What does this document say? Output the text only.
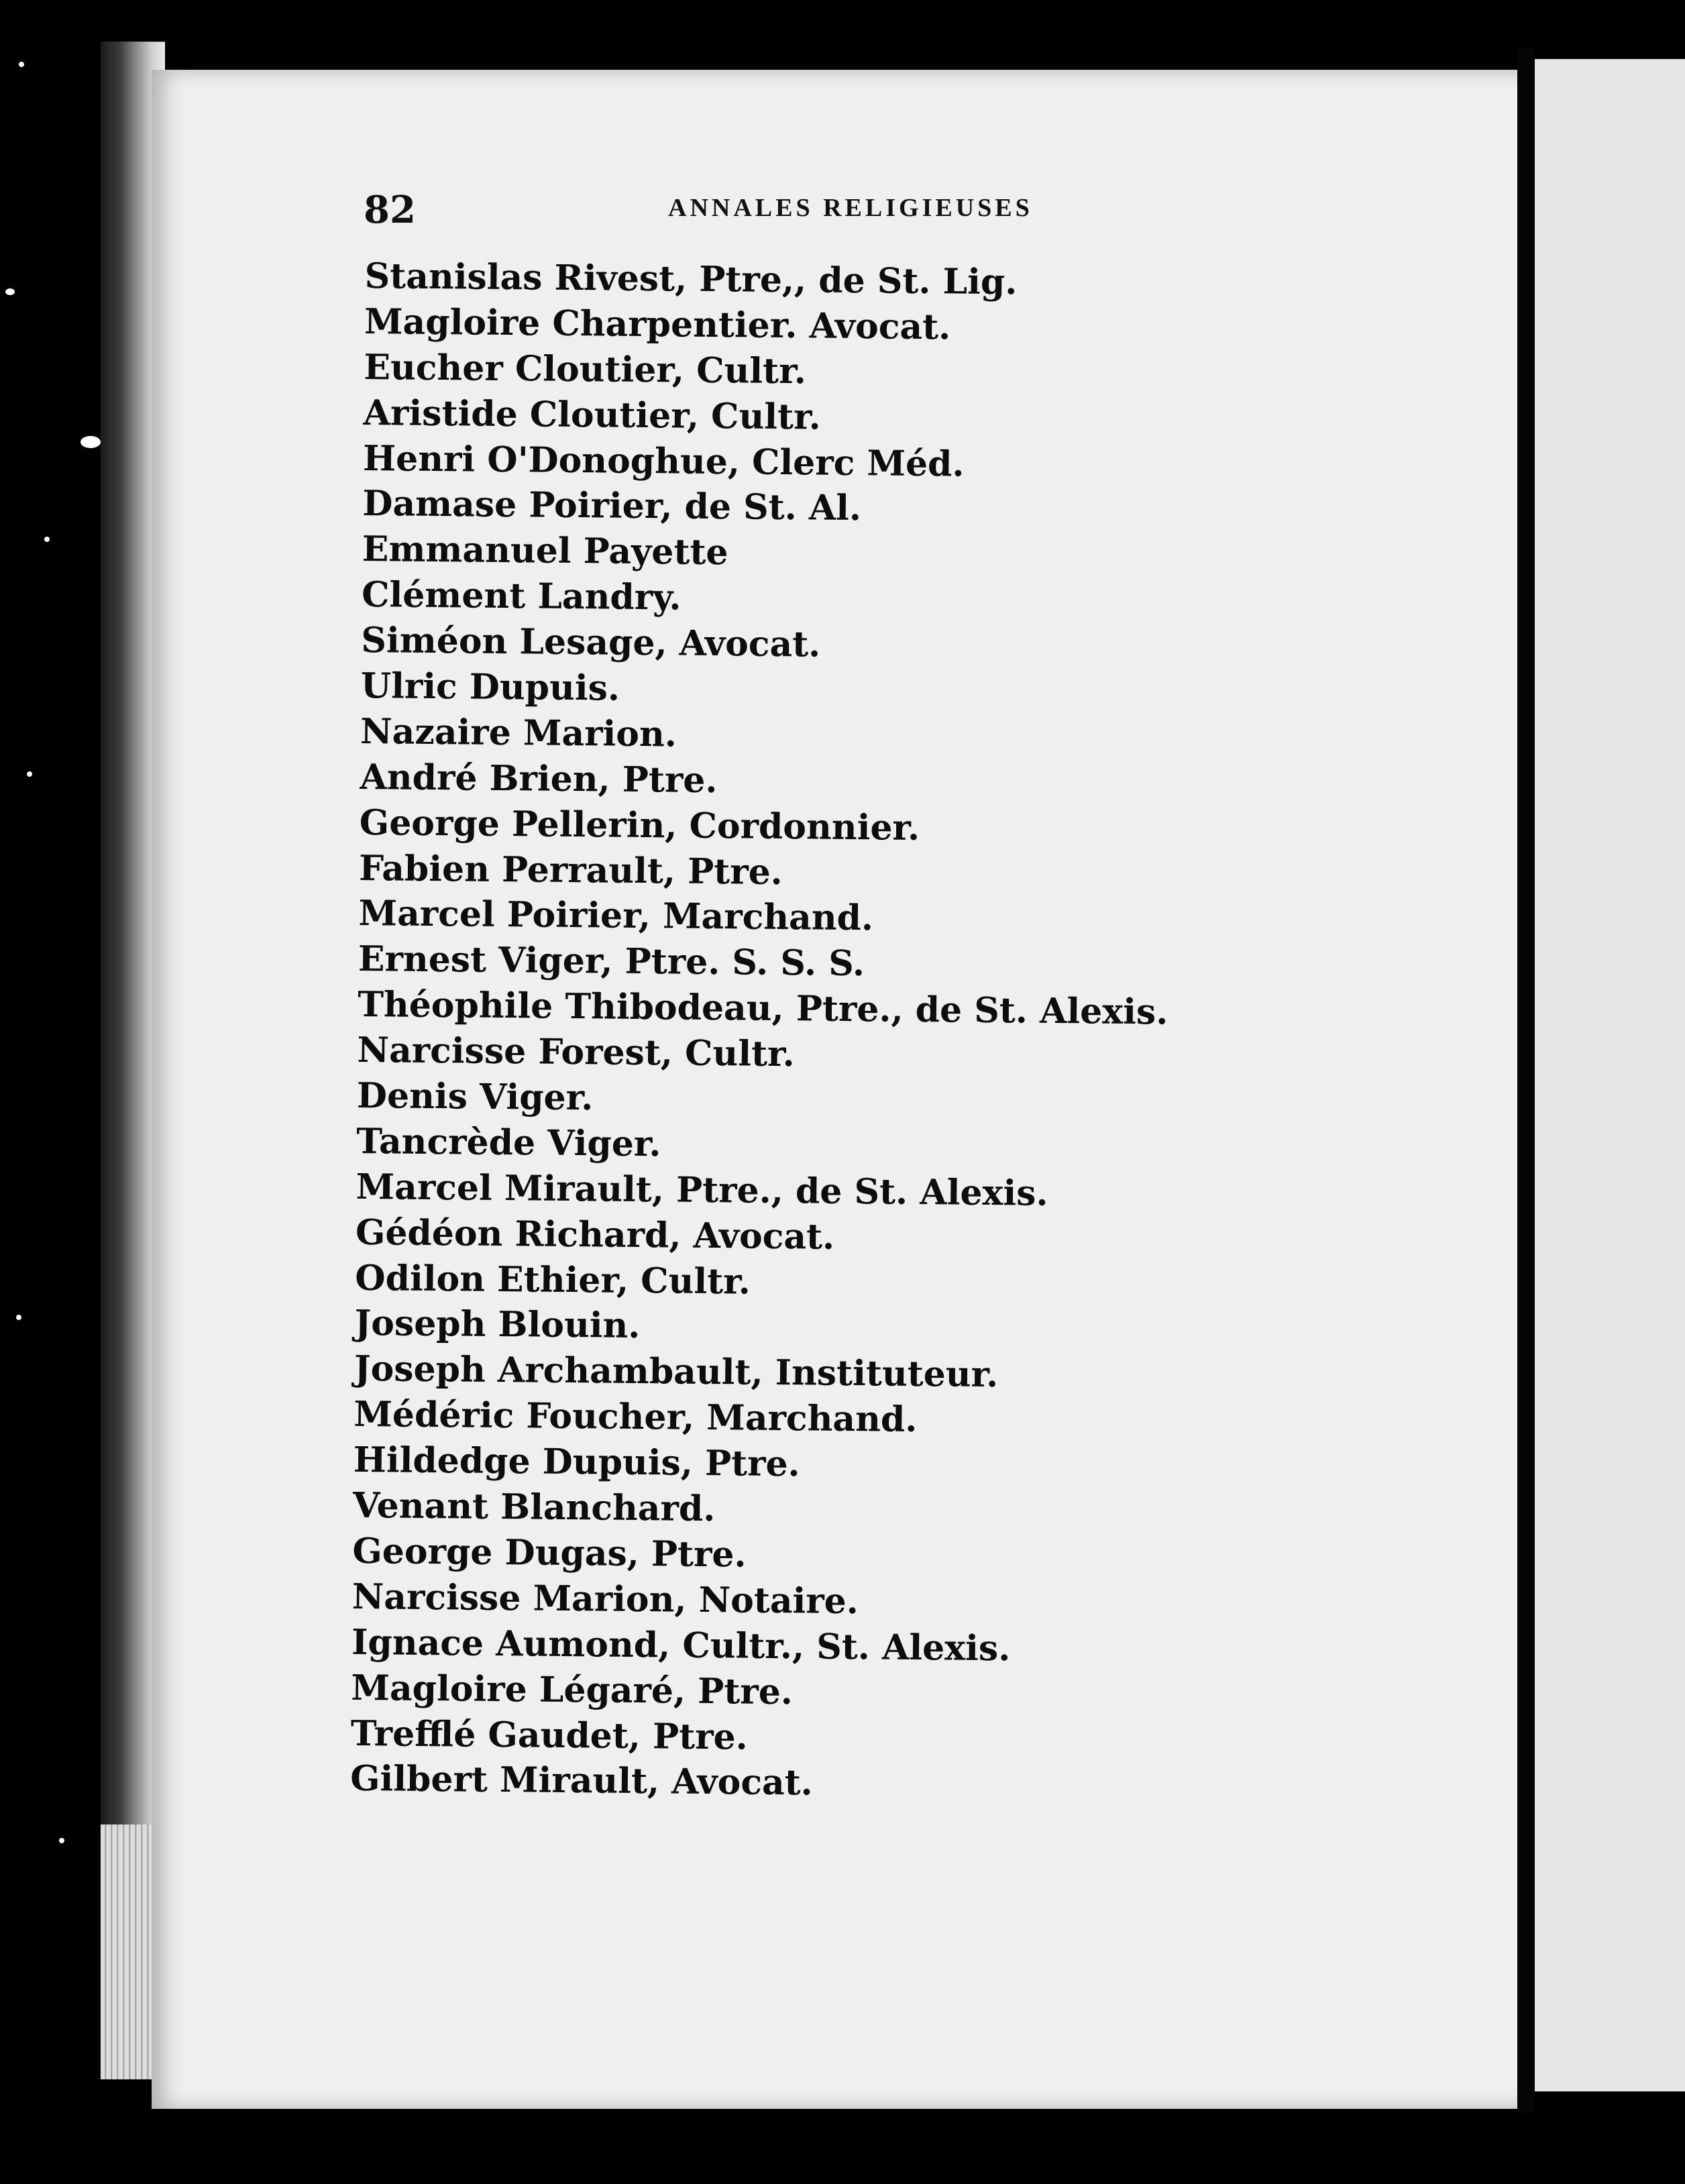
82	ANNALES RELIGIEUSES
Stanislas Rivest, Ptre,, de St. Lig.
Magloire Charpentier. Avocat.
Eucher Cloutier, Cultr.
Aristide Cloutier, Cultr.
Henri O'Donoghue, Clerc Méd.
Damase Poirier, de St. Al.
Emmanuel Payette
Clément Landry.
Siméon Lesage, Avocat.
Ulric Dupuis.
Nazaire Marion.
André Brien, Ptre.
George Pellerin, Cordonnier.
Fabien Perrault, Ptre.
Marcel Poirier, Marchand.
Ernest Viger, Ptre. S. S. S.
Théophile Thibodeau, Ptre., de St. Alexis.
Narcisse Forest, Cultr.
Denis Viger.
Tancrède Viger.
Marcel Mirault, Ptre., de St. Alexis.
Gédéon Richard, Avocat.
Odilon Ethier, Cultr.
Joseph Blouin.
Joseph Archambault, Instituteur.
Médéric Foucher, Marchand.
Hildedge Dupuis, Ptre.
Venant Blanchard.
George Dugas, Ptre.
Narcisse Marion, Notaire.
Ignace Aumond, Cultr., St. Alexis.
Magloire Légaré, Ptre.
Trefflé Gaudet, Ptre.
Gilbert Mirault, Avocat.
